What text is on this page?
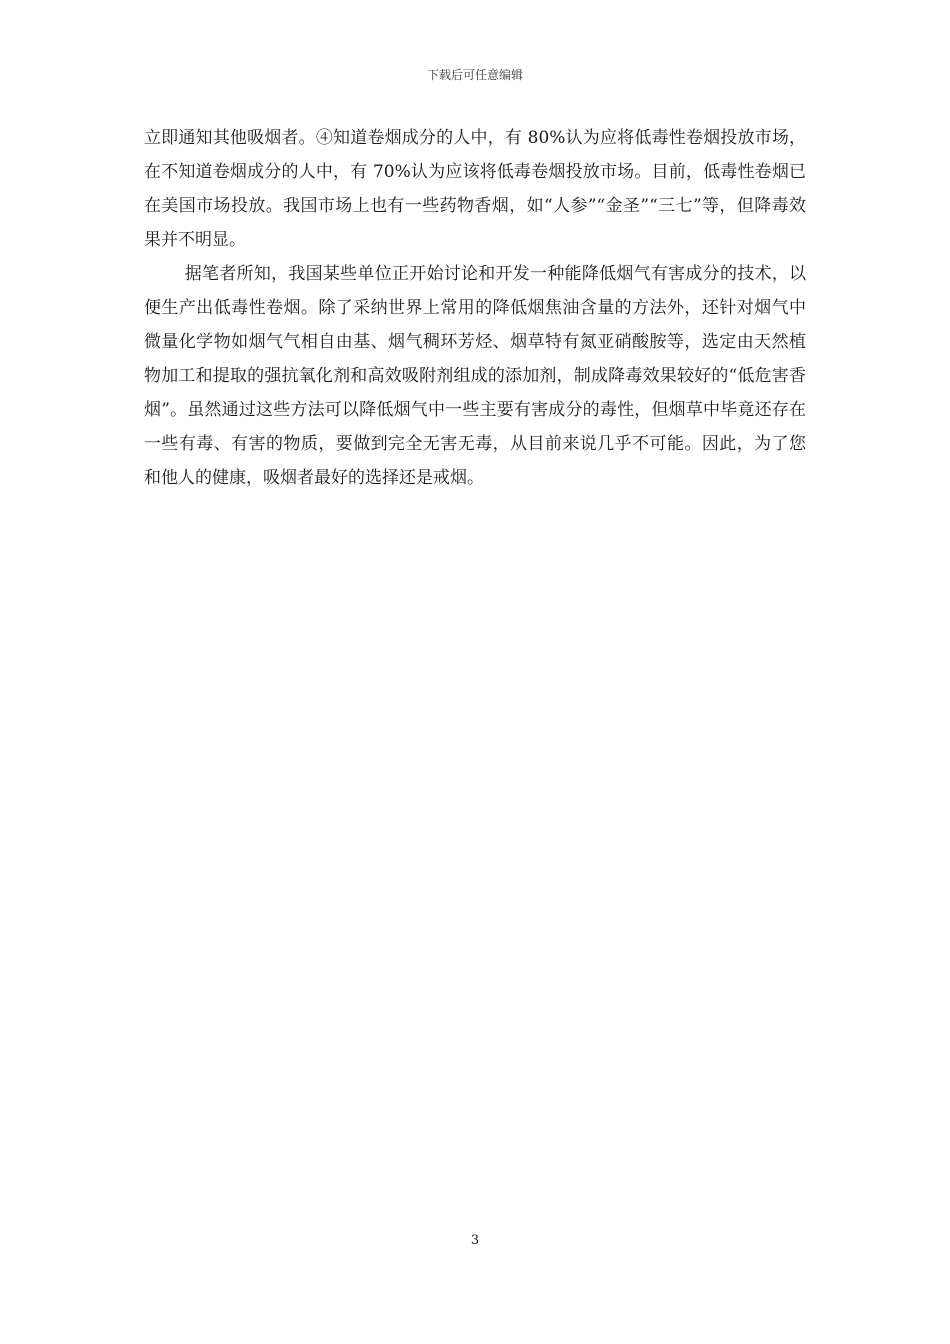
下载后可任意编辑

立即通知其他吸烟者。④知道卷烟成分的人中，有 80%认为应将低毒性卷烟投放市场，在不知道卷烟成分的人中，有 70%认为应该将低毒卷烟投放市场。目前，低毒性卷烟已在美国市场投放。我国市场上也有一些药物香烟，如“人参”“金圣”“三七”等，但降毒效果并不明显。

据笔者所知，我国某些单位正开始讨论和开发一种能降低烟气有害成分的技术，以便生产出低毒性卷烟。除了采纳世界上常用的降低烟焦油含量的方法外，还针对烟气中微量化学物如烟气气相自由基、烟气稠环芳烃、烟草特有氮亚硝酸胺等，选定由天然植物加工和提取的强抗氧化剂和高效吸附剂组成的添加剂，制成降毒效果较好的“低危害香烟”。虽然通过这些方法可以降低烟气中一些主要有害成分的毒性，但烟草中毕竟还存在一些有毒、有害的物质，要做到完全无害无毒，从目前来说几乎不可能。因此，为了您和他人的健康，吸烟者最好的选择还是戒烟。

3
